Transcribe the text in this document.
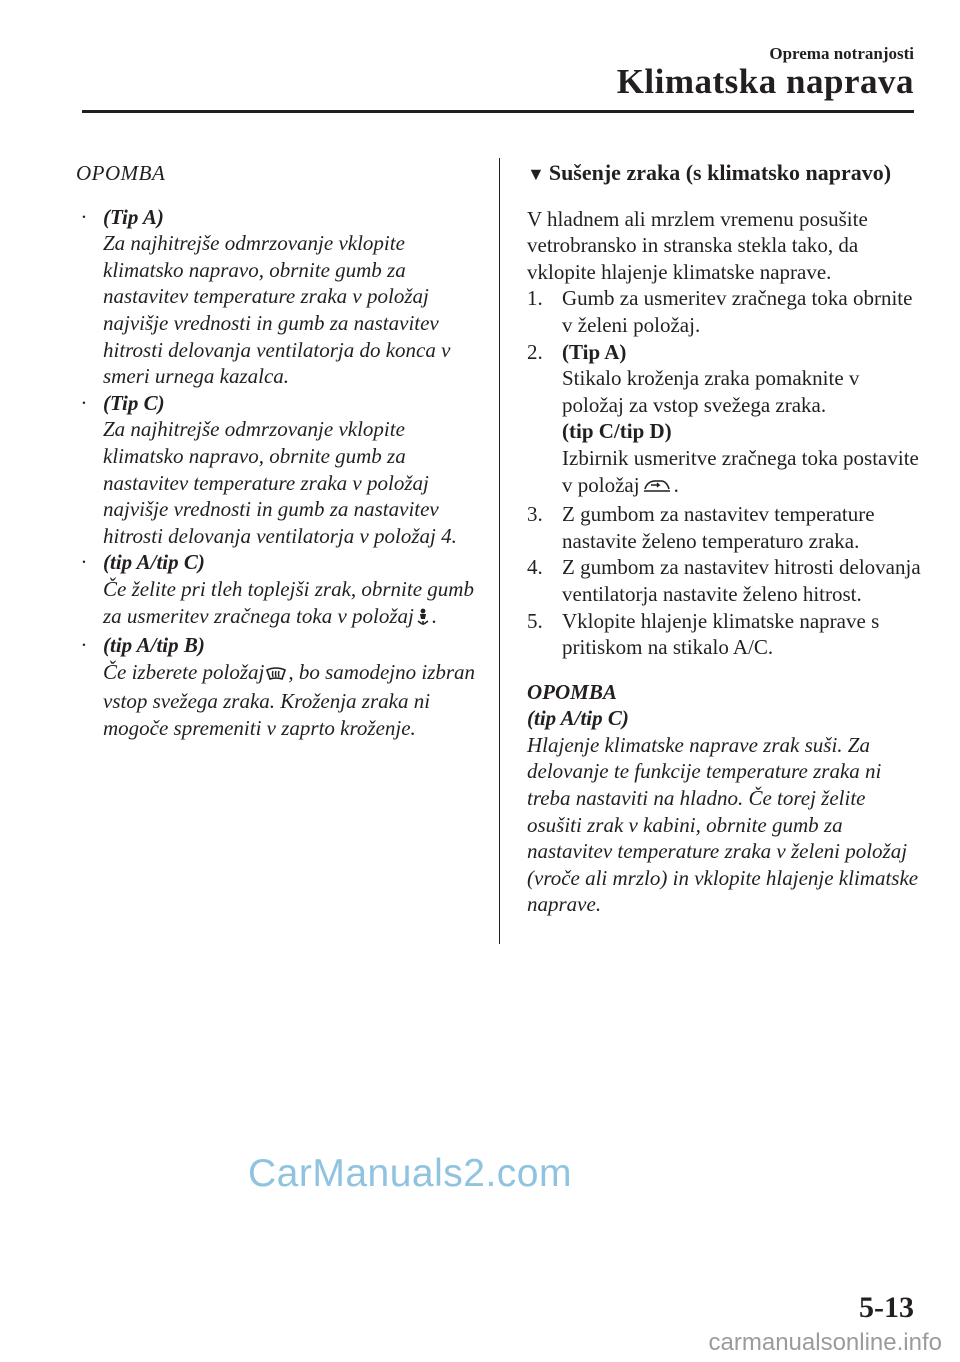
Oprema notranjosti
Klimatska naprava
OPOMBA
· (Tip A)
Za najhitrejše odmrzovanje vklopite klimatsko napravo, obrnite gumb za nastavitev temperature zraka v položaj najvišje vrednosti in gumb za nastavitev hitrosti delovanja ventilatorja do konca v smeri urnega kazalca.
· (Tip C)
Za najhitrejše odmrzovanje vklopite klimatsko napravo, obrnite gumb za nastavitev temperature zraka v položaj najvišje vrednosti in gumb za nastavitev hitrosti delovanja ventilatorja v položaj 4.
· (tip A/tip C)
Če želite pri tleh toplejši zrak, obrnite gumb za usmeritev zračnega toka v položaj .
· (tip A/tip B)
Če izberete položaj , bo samodejno izbran vstop svežega zraka. Kroženja zraka ni mogoče spremeniti v zaprto kroženje.
▼ Sušenje zraka (s klimatsko napravo)
V hladnem ali mrzlem vremenu posušite vetrobransko in stranska stekla tako, da vklopite hlajenje klimatske naprave.
1. Gumb za usmeritev zračnega toka obrnite v želeni položaj.
2. (Tip A)
Stikalo kroženja zraka pomaknite v položaj za vstop svežega zraka.
(tip C/tip D)
Izbirnik usmeritve zračnega toka postavite v položaj .
3. Z gumbom za nastavitev temperature nastavite želeno temperaturo zraka.
4. Z gumbom za nastavitev hitrosti delovanja ventilatorja nastavite želeno hitrost.
5. Vklopite hlajenje klimatske naprave s pritiskom na stikalo A/C.
OPOMBA
(tip A/tip C)
Hlajenje klimatske naprave zrak suši. Za delovanje te funkcije temperature zraka ni treba nastaviti na hladno. Če torej želite osušiti zrak v kabini, obrnite gumb za nastavitev temperature zraka v želeni položaj (vroče ali mrzlo) in vklopite hlajenje klimatske naprave.
CarManuals2.com
5-13
carmanualsonline.info
